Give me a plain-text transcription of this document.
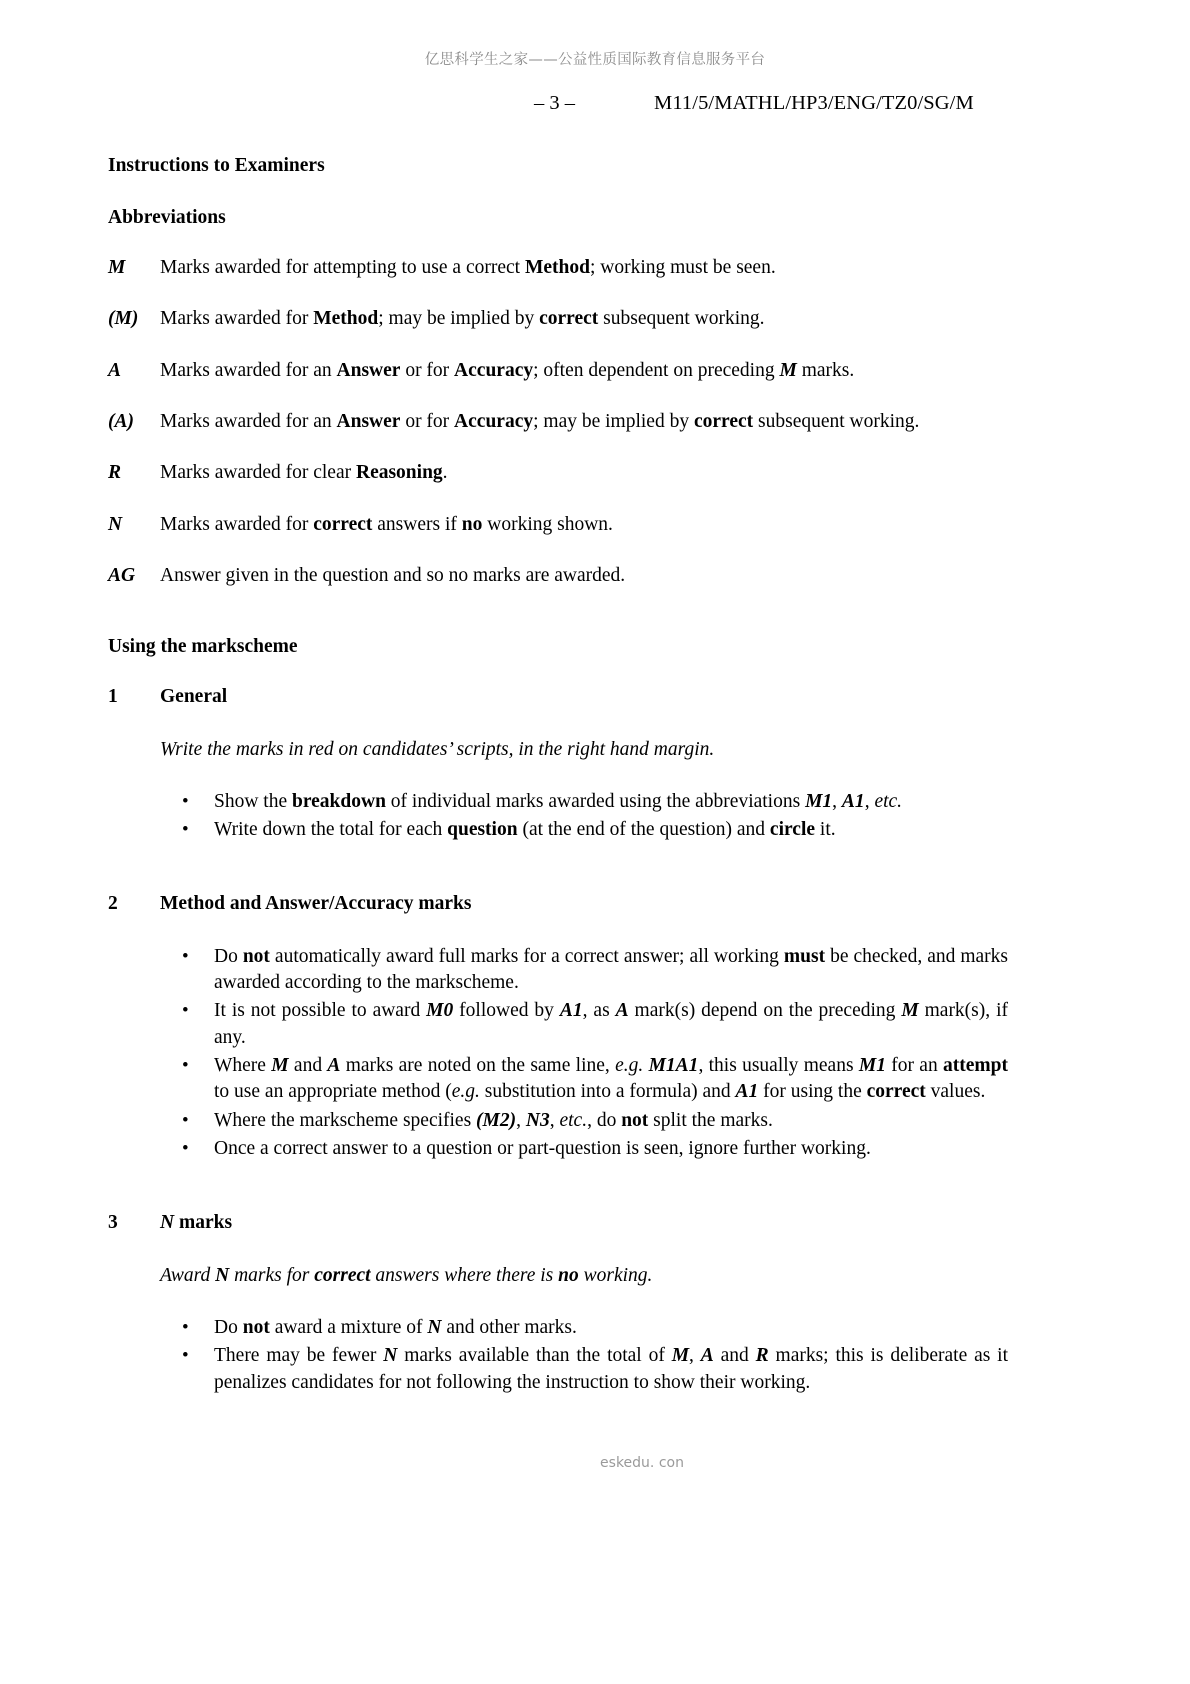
亿思科学生之家——公益性质国际教育信息服务平台
– 3 –	M11/5/MATHL/HP3/ENG/TZ0/SG/M
Instructions to Examiners
Abbreviations
M	Marks awarded for attempting to use a correct Method; working must be seen.
(M)	Marks awarded for Method; may be implied by correct subsequent working.
A	Marks awarded for an Answer or for Accuracy; often dependent on preceding M marks.
(A)	Marks awarded for an Answer or for Accuracy; may be implied by correct subsequent working.
R	Marks awarded for clear Reasoning.
N	Marks awarded for correct answers if no working shown.
AG	Answer given in the question and so no marks are awarded.
Using the markscheme
1	General
Write the marks in red on candidates’ scripts, in the right hand margin.
• Show the breakdown of individual marks awarded using the abbreviations M1, A1, etc.
• Write down the total for each question (at the end of the question) and circle it.
2	Method and Answer/Accuracy marks
• Do not automatically award full marks for a correct answer; all working must be checked, and marks awarded according to the markscheme.
• It is not possible to award M0 followed by A1, as A mark(s) depend on the preceding M mark(s), if any.
• Where M and A marks are noted on the same line, e.g. M1A1, this usually means M1 for an attempt to use an appropriate method (e.g. substitution into a formula) and A1 for using the correct values.
• Where the markscheme specifies (M2), N3, etc., do not split the marks.
• Once a correct answer to a question or part-question is seen, ignore further working.
3	N marks
Award N marks for correct answers where there is no working.
• Do not award a mixture of N and other marks.
• There may be fewer N marks available than the total of M, A and R marks; this is deliberate as it penalizes candidates for not following the instruction to show their working.
eskedu. con
